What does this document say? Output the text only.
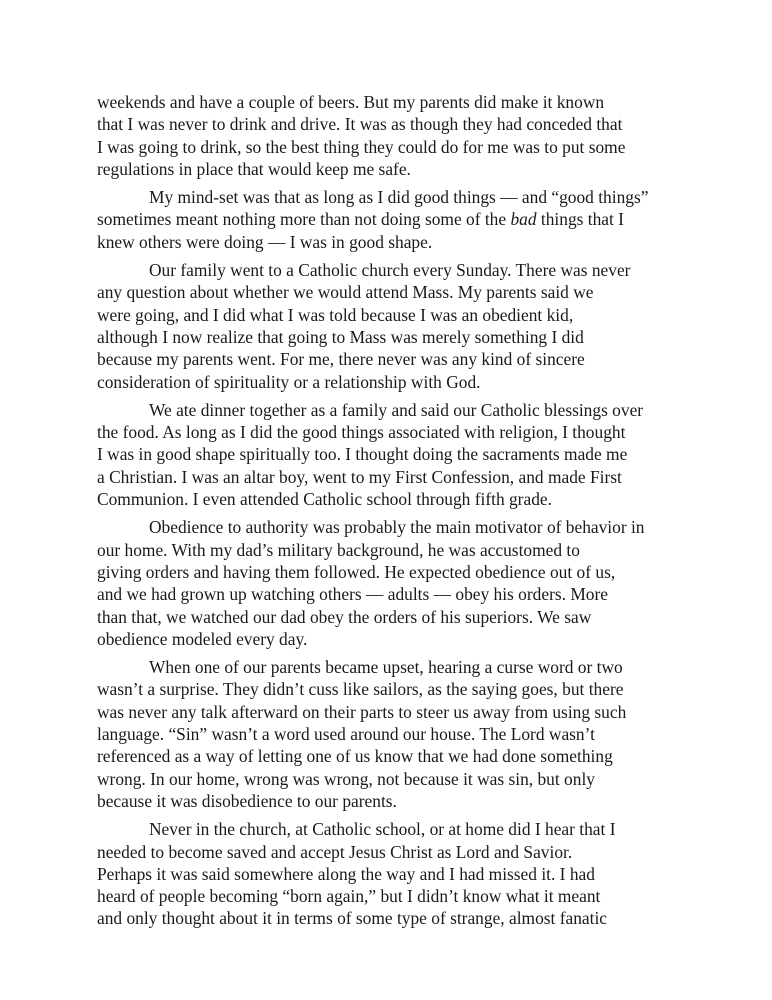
weekends and have a couple of beers. But my parents did make it known
that I was never to drink and drive. It was as though they had conceded that
I was going to drink, so the best thing they could do for me was to put some
regulations in place that would keep me safe.

My mind-set was that as long as I did good things — and “good things”
sometimes meant nothing more than not doing some of the bad things that I
knew others were doing — I was in good shape.

Our family went to a Catholic church every Sunday. There was never
any question about whether we would attend Mass. My parents said we
were going, and I did what I was told because I was an obedient kid,
although I now realize that going to Mass was merely something I did
because my parents went. For me, there never was any kind of sincere
consideration of spirituality or a relationship with God.

We ate dinner together as a family and said our Catholic blessings over
the food. As long as I did the good things associated with religion, I thought
I was in good shape spiritually too. I thought doing the sacraments made me
a Christian. I was an altar boy, went to my First Confession, and made First
Communion. I even attended Catholic school through fifth grade.

Obedience to authority was probably the main motivator of behavior in
our home. With my dad’s military background, he was accustomed to
giving orders and having them followed. He expected obedience out of us,
and we had grown up watching others — adults — obey his orders. More
than that, we watched our dad obey the orders of his superiors. We saw
obedience modeled every day.

When one of our parents became upset, hearing a curse word or two
wasn’t a surprise. They didn’t cuss like sailors, as the saying goes, but there
was never any talk afterward on their parts to steer us away from using such
language. “Sin” wasn’t a word used around our house. The Lord wasn’t
referenced as a way of letting one of us know that we had done something
wrong. In our home, wrong was wrong, not because it was sin, but only
because it was disobedience to our parents.

Never in the church, at Catholic school, or at home did I hear that I
needed to become saved and accept Jesus Christ as Lord and Savior.
Perhaps it was said somewhere along the way and I had missed it. I had
heard of people becoming “born again,” but I didn’t know what it meant
and only thought about it in terms of some type of strange, almost fanatic
